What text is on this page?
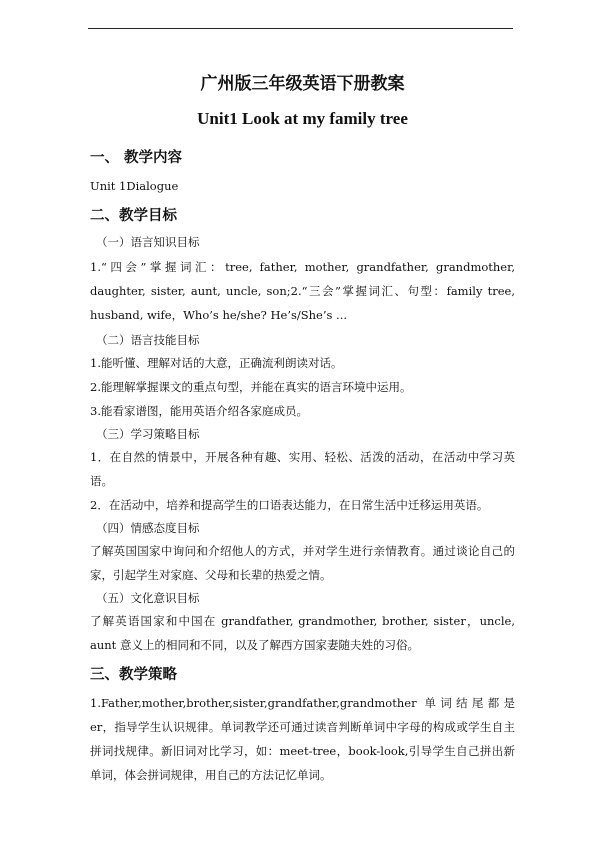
广州版三年级英语下册教案
Unit1 Look at my family tree
一、 教学内容

Unit 1Dialogue

二、教学目标
（一）语言知识目标

1.“四会”掌握词汇：tree, father, mother, grandfather, grandmother, daughter, sister, aunt, uncle, son;2.“三会”掌握词汇、句型：family tree, husband, wife，Who’s he/she? He’s/She’s ...

（二）语言技能目标

1.能听懂、理解对话的大意，正确流利朗读对话。

2.能理解掌握课文的重点句型，并能在真实的语言环境中运用。

3.能看家谱图，能用英语介绍各家庭成员。

（三）学习策略目标

1．在自然的情景中，开展各种有趣、实用、轻松、活泼的活动，在活动中学习英语。

2．在活动中，培养和提高学生的口语表达能力，在日常生活中迁移运用英语。

（四）情感态度目标

了解英国国家中询问和介绍他人的方式，并对学生进行亲情教育。通过谈论自己的家，引起学生对家庭、父母和长辈的热爱之情。

（五）文化意识目标

了解英语国家和中国在 grandfather, grandmother, brother, sister，uncle, aunt 意义上的相同和不同，以及了解西方国家妻随夫姓的习俗。

三、教学策略

1.Father,mother,brother,sister,grandfather,grandmother 单词结尾都是 er，指导学生认识规律。单词教学还可通过读音判断单词中字母的构成或学生自主拼词找规律。新旧词对比学习，如：meet-tree，book-look,引导学生自己拼出新单词，体会拼词规律，用自己的方法记忆单词。
